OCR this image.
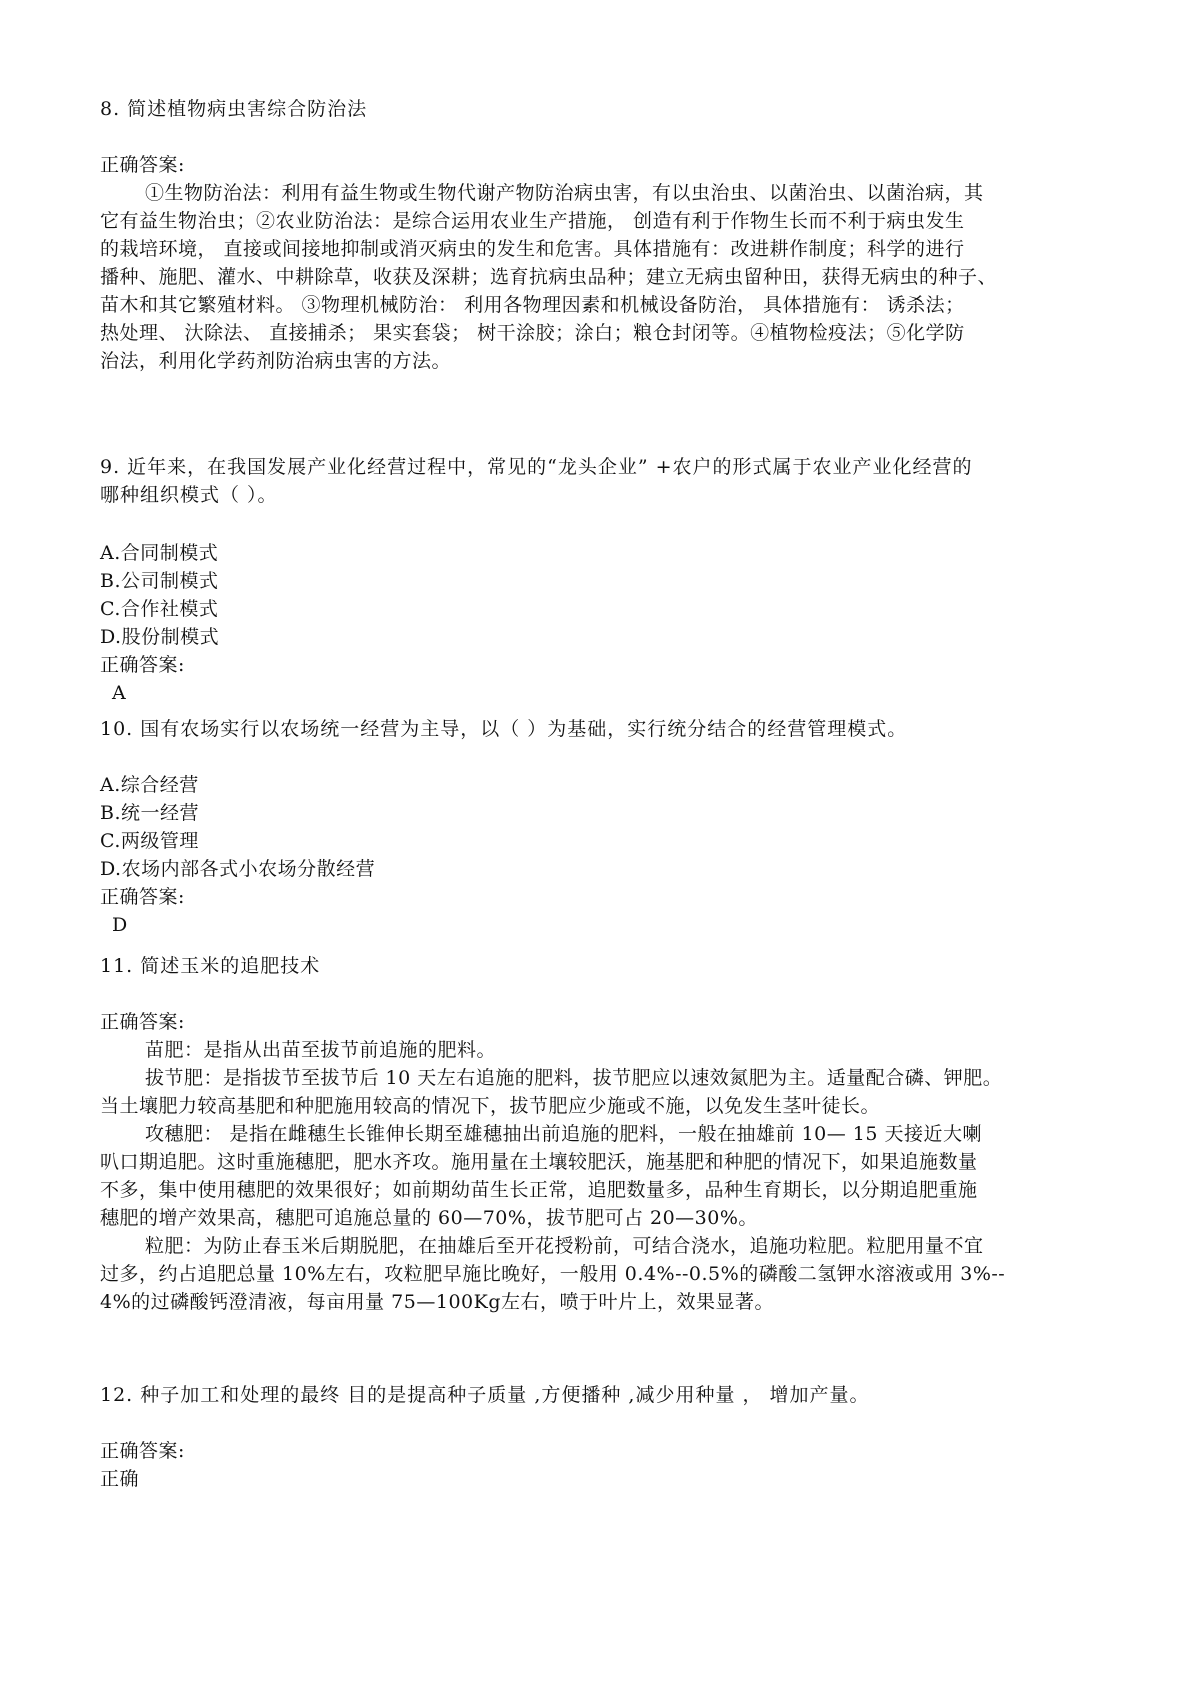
8. 简述植物病虫害综合防治法
正确答案:
①生物防治法：利用有益生物或生物代谢产物防治病虫害，有以虫治虫、以菌治虫、以菌治病，其
它有益生物治虫；②农业防治法：是综合运用农业生产措施， 创造有利于作物生长而不利于病虫发生
的栽培环境， 直接或间接地抑制或消灭病虫的发生和危害。具体措施有：改进耕作制度；科学的进行
播种、施肥、灌水、中耕除草，收获及深耕；选育抗病虫品种；建立无病虫留种田，获得无病虫的种子、
苗木和其它繁殖材料。 ③物理机械防治： 利用各物理因素和机械设备防治， 具体措施有： 诱杀法；
热处理、 汏除法、 直接捕杀； 果实套袋； 树干涂胶；涂白；粮仓封闭等。④植物检疫法；⑤化学防
治法，利用化学药剂防治病虫害的方法。
9. 近年来，在我国发展产业化经营过程中，常见的“龙头企业” +农户的形式属于农业产业化经营的
哪种组织模式（ ）。
A.合同制模式
B.公司制模式
C.合作社模式
D.股份制模式
正确答案:
A
10. 国有农场实行以农场统一经营为主导，以（ ）为基础，实行统分结合的经营管理模式。
A.综合经营
B.统一经营
C.两级管理
D.农场内部各式小农场分散经营
正确答案:
D
11. 简述玉米的追肥技术
正确答案:
苗肥：是指从出苗至拔节前追施的肥料。
拔节肥：是指拔节至拔节后 10 天左右追施的肥料，拔节肥应以速效氮肥为主。适量配合磷、钾肥。
当土壤肥力较高基肥和种肥施用较高的情况下，拔节肥应少施或不施，以免发生茎叶徒长。
攻穗肥： 是指在雌穗生长锥伸长期至雄穗抽出前追施的肥料，一般在抽雄前 10— 15 天接近大喇
叭口期追肥。这时重施穗肥，肥水齐攻。施用量在土壤较肥沃，施基肥和种肥的情况下，如果追施数量
不多，集中使用穗肥的效果很好；如前期幼苗生长正常，追肥数量多，品种生育期长，以分期追肥重施
穗肥的增产效果高，穗肥可追施总量的 60—70%，拔节肥可占 20—30%。
粒肥：为防止春玉米后期脱肥，在抽雄后至开花授粉前，可结合浇水，追施功粒肥。粒肥用量不宜
过多，约占追肥总量 10%左右，攻粒肥早施比晚好，一般用 0.4%--0.5%的磷酸二氢钾水溶液或用 3%--
4%的过磷酸钙澄清液，每亩用量 75—100Kg左右，喷于叶片上，效果显著。
12. 种子加工和处理的最终 目的是提高种子质量 ,方便播种 ,减少用种量 ， 增加产量。
正确答案:
正确
